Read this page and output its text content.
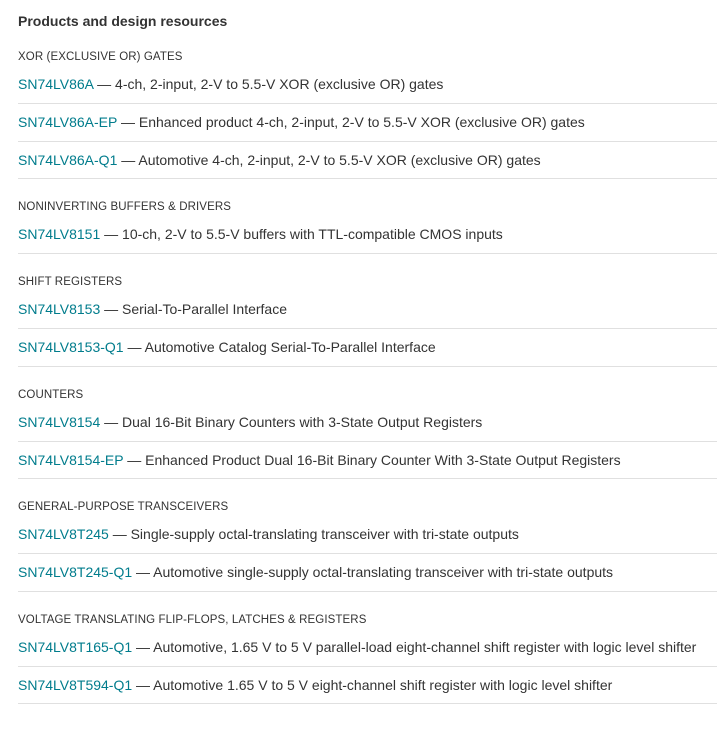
Products and design resources
XOR (EXCLUSIVE OR) GATES
SN74LV86A — 4-ch, 2-input, 2-V to 5.5-V XOR (exclusive OR) gates
SN74LV86A-EP — Enhanced product 4-ch, 2-input, 2-V to 5.5-V XOR (exclusive OR) gates
SN74LV86A-Q1 — Automotive 4-ch, 2-input, 2-V to 5.5-V XOR (exclusive OR) gates
NONINVERTING BUFFERS & DRIVERS
SN74LV8151 — 10-ch, 2-V to 5.5-V buffers with TTL-compatible CMOS inputs
SHIFT REGISTERS
SN74LV8153 — Serial-To-Parallel Interface
SN74LV8153-Q1 — Automotive Catalog Serial-To-Parallel Interface
COUNTERS
SN74LV8154 — Dual 16-Bit Binary Counters with 3-State Output Registers
SN74LV8154-EP — Enhanced Product Dual 16-Bit Binary Counter With 3-State Output Registers
GENERAL-PURPOSE TRANSCEIVERS
SN74LV8T245 — Single-supply octal-translating transceiver with tri-state outputs
SN74LV8T245-Q1 — Automotive single-supply octal-translating transceiver with tri-state outputs
VOLTAGE TRANSLATING FLIP-FLOPS, LATCHES & REGISTERS
SN74LV8T165-Q1 — Automotive, 1.65 V to 5 V parallel-load eight-channel shift register with logic level shifter
SN74LV8T594-Q1 — Automotive 1.65 V to 5 V eight-channel shift register with logic level shifter
